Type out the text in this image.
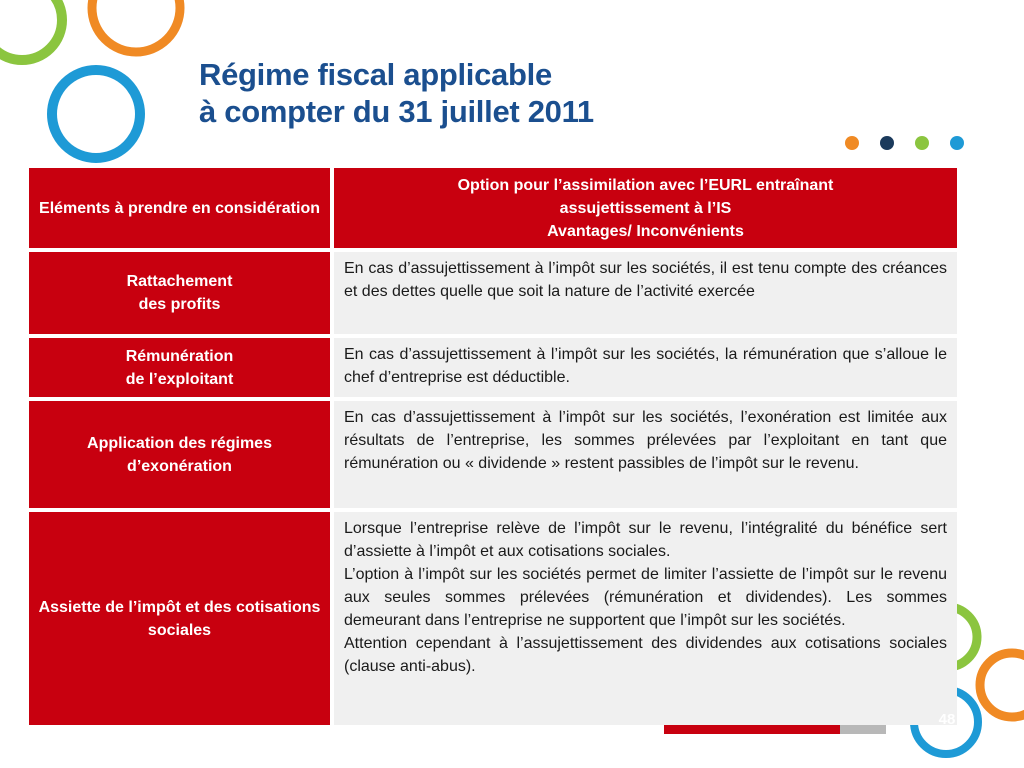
Régime fiscal applicable
à compter du 31 juillet 2011
Eléments à prendre en considération
Option pour l’assimilation avec l’EURL entraînant
assujettissement à l’IS
Avantages/ Inconvénients
Rattachement
des profits

En cas d’assujettissement à l’impôt sur les sociétés, il est tenu compte des créances et des dettes quelle que soit la nature de l’activité exercée

Rémunération
de l’exploitant

En cas d’assujettissement à l’impôt sur les sociétés, la rémunération que s’alloue le chef d’entreprise est déductible.

Application des régimes d’exonération

En cas d’assujettissement à l’impôt sur les sociétés, l’exonération est limitée aux résultats de l’entreprise, les sommes prélevées par l’exploitant en tant que rémunération ou « dividende » restent passibles de l’impôt sur le revenu.

Assiette de l’impôt et des cotisations sociales

Lorsque l’entreprise relève de l’impôt sur le revenu, l’intégralité du bénéfice sert d’assiette à l’impôt et aux cotisations sociales.

L’option à l’impôt sur les sociétés permet de limiter l’assiette de l’impôt sur le revenu aux seules sommes prélevées (rémunération et dividendes). Les sommes demeurant dans l’entreprise ne supportent que l’impôt sur les sociétés.

Attention cependant à l’assujettissement des dividendes aux cotisations sociales (clause anti-abus).

48
